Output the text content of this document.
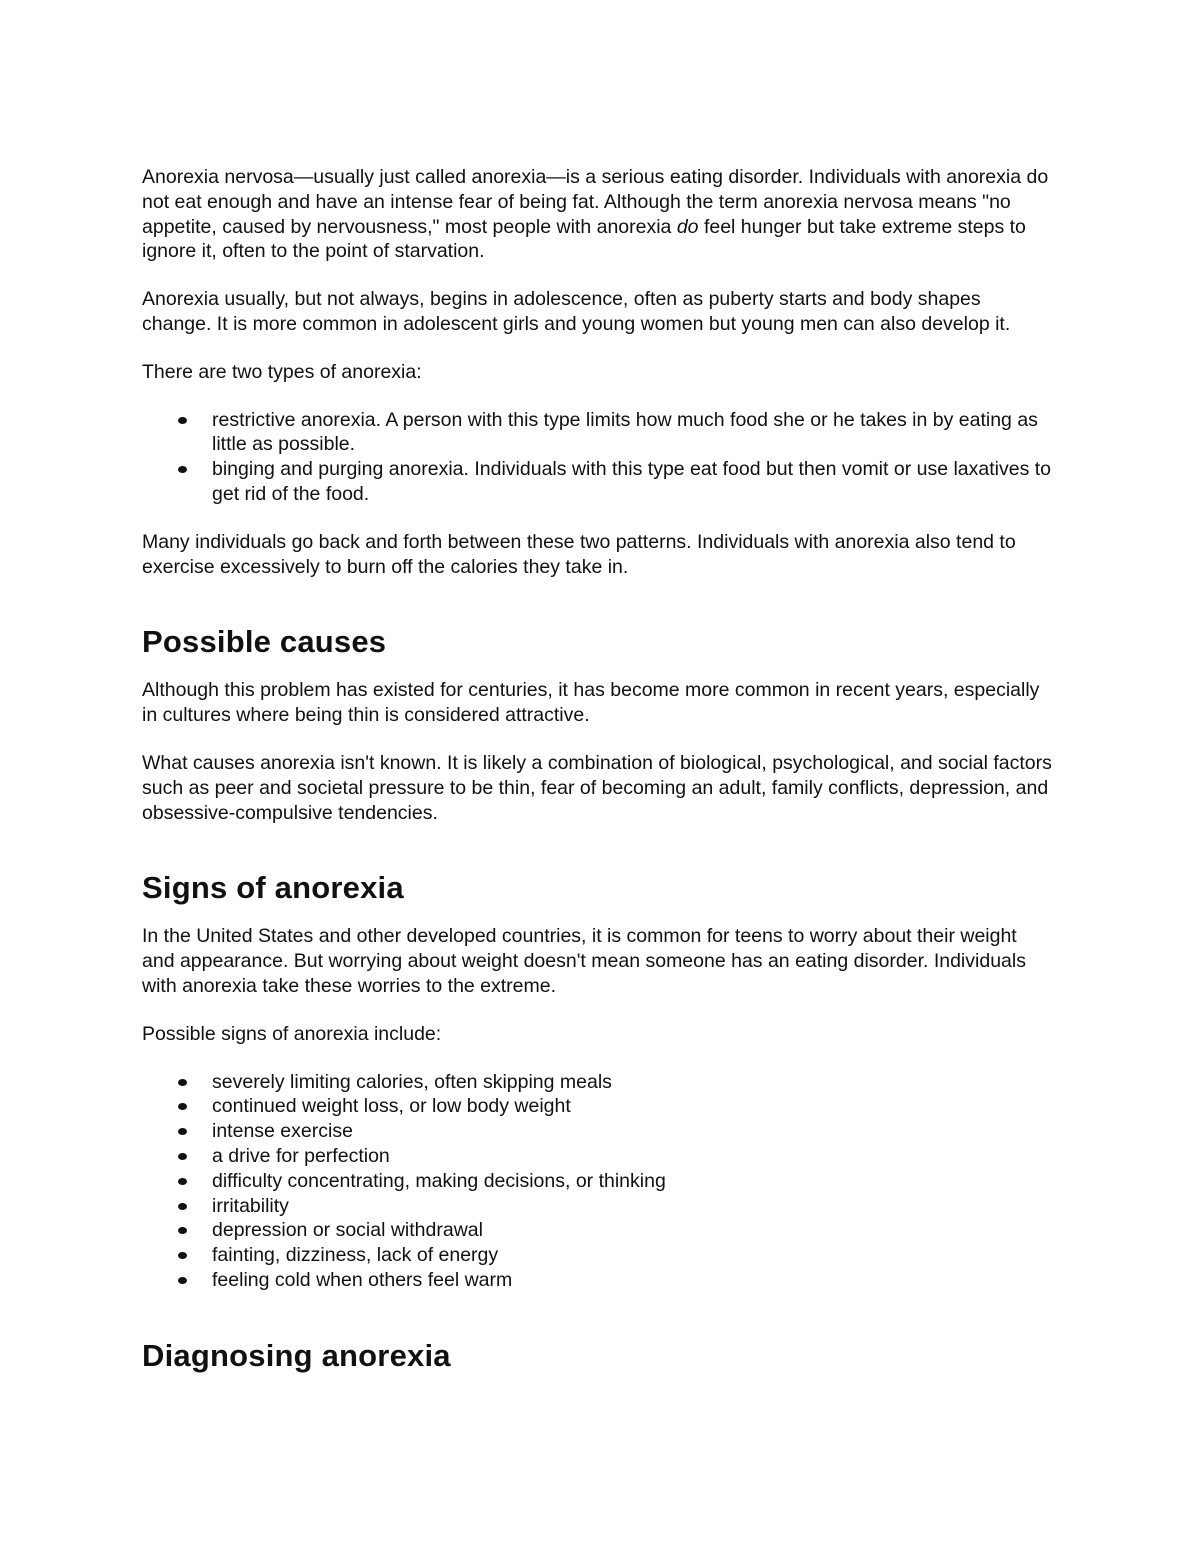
Anorexia nervosa—usually just called anorexia—is a serious eating disorder. Individuals with anorexia do not eat enough and have an intense fear of being fat. Although the term anorexia nervosa means "no appetite, caused by nervousness," most people with anorexia do feel hunger but take extreme steps to ignore it, often to the point of starvation.

Anorexia usually, but not always, begins in adolescence, often as puberty starts and body shapes change. It is more common in adolescent girls and young women but young men can also develop it.

There are two types of anorexia:

restrictive anorexia. A person with this type limits how much food she or he takes in by eating as little as possible.
binging and purging anorexia. Individuals with this type eat food but then vomit or use laxatives to get rid of the food.

Many individuals go back and forth between these two patterns. Individuals with anorexia also tend to exercise excessively to burn off the calories they take in.

Possible causes

Although this problem has existed for centuries, it has become more common in recent years, especially in cultures where being thin is considered attractive.

What causes anorexia isn't known. It is likely a combination of biological, psychological, and social factors such as peer and societal pressure to be thin, fear of becoming an adult, family conflicts, depression, and obsessive-compulsive tendencies.

Signs of anorexia

In the United States and other developed countries, it is common for teens to worry about their weight and appearance. But worrying about weight doesn't mean someone has an eating disorder. Individuals with anorexia take these worries to the extreme.

Possible signs of anorexia include:

severely limiting calories, often skipping meals
continued weight loss, or low body weight
intense exercise
a drive for perfection
difficulty concentrating, making decisions, or thinking
irritability
depression or social withdrawal
fainting, dizziness, lack of energy
feeling cold when others feel warm
Diagnosing anorexia
